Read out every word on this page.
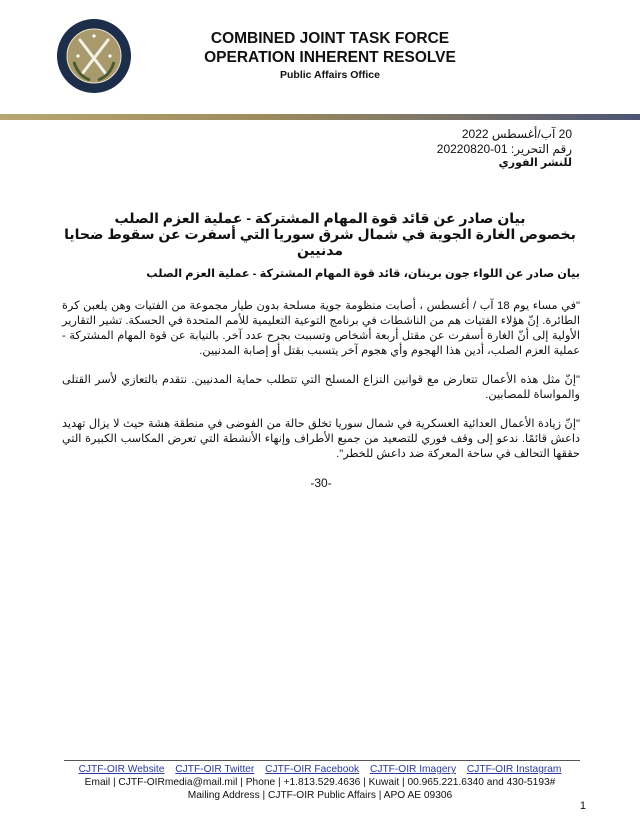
COMBINED JOINT TASK FORCE
OPERATION INHERENT RESOLVE
Public Affairs Office
20 آب/أغسطس 2022
رقم التحرير: 01-20220820
للنشر الفوري
بيان صادر عن قائد قوة المهام المشتركة - عملية العزم الصلب
بخصوص الغارة الجوية في شمال شرق سوريا التي أسفرت عن سقوط ضحايا مدنيين

بيان صادر عن اللواء جون برينان، قائد قوة المهام المشتركة - عملية العزم الصلب

"في مساء يوم 18 آب / أغسطس ، أصابت منظومة جوية مسلحة بدون طيار مجموعة من الفتيات وهن يلعبن كرة الطائرة. إنّ هؤلاء الفتيات هم من الناشطات في برنامج التوعية التعليمية للأمم المتحدة في الحسكة. تشير التقارير الأولية إلى أنّ الغارة أسفرت عن مقتل أربعة أشخاص وتسببت بجرح عدد آخر. بالنيابة عن قوة المهام المشتركة - عملية العزم الصلب، أدين هذا الهجوم وأي هجوم آخر يتسبب بقتل أو إصابة المدنيين.

"إنّ مثل هذه الأعمال تتعارض مع قوانين النزاع المسلح التي تتطلب حماية المدنيين. نتقدم بالتعازي لأسر القتلى والمواساة للمصابين.

"إنّ زيادة الأعمال العدائية العسكرية في شمال سوريا تخلق حالة من الفوضى في منطقة هشة حيث لا يزال تهديد داعش قائمًا. ندعو إلى وقف فوري للتصعيد من جميع الأطراف وإنهاء الأنشطة التي تعرض المكاسب الكبيرة التي حققها التحالف في ساحة المعركة ضد داعش للخطر".

-30-
CJTF-OIR Website CJTF-OIR Twitter CJTF-OIR Facebook CJTF-OIR Imagery CJTF-OIR Instagram
Email | CJTF-OIRmedia@mail.mil | Phone | +1.813.529.4636 | Kuwait | 00.965.221.6340 and 430-5193#
Mailing Address | CJTF-OIR Public Affairs | APO AE 09306
1
